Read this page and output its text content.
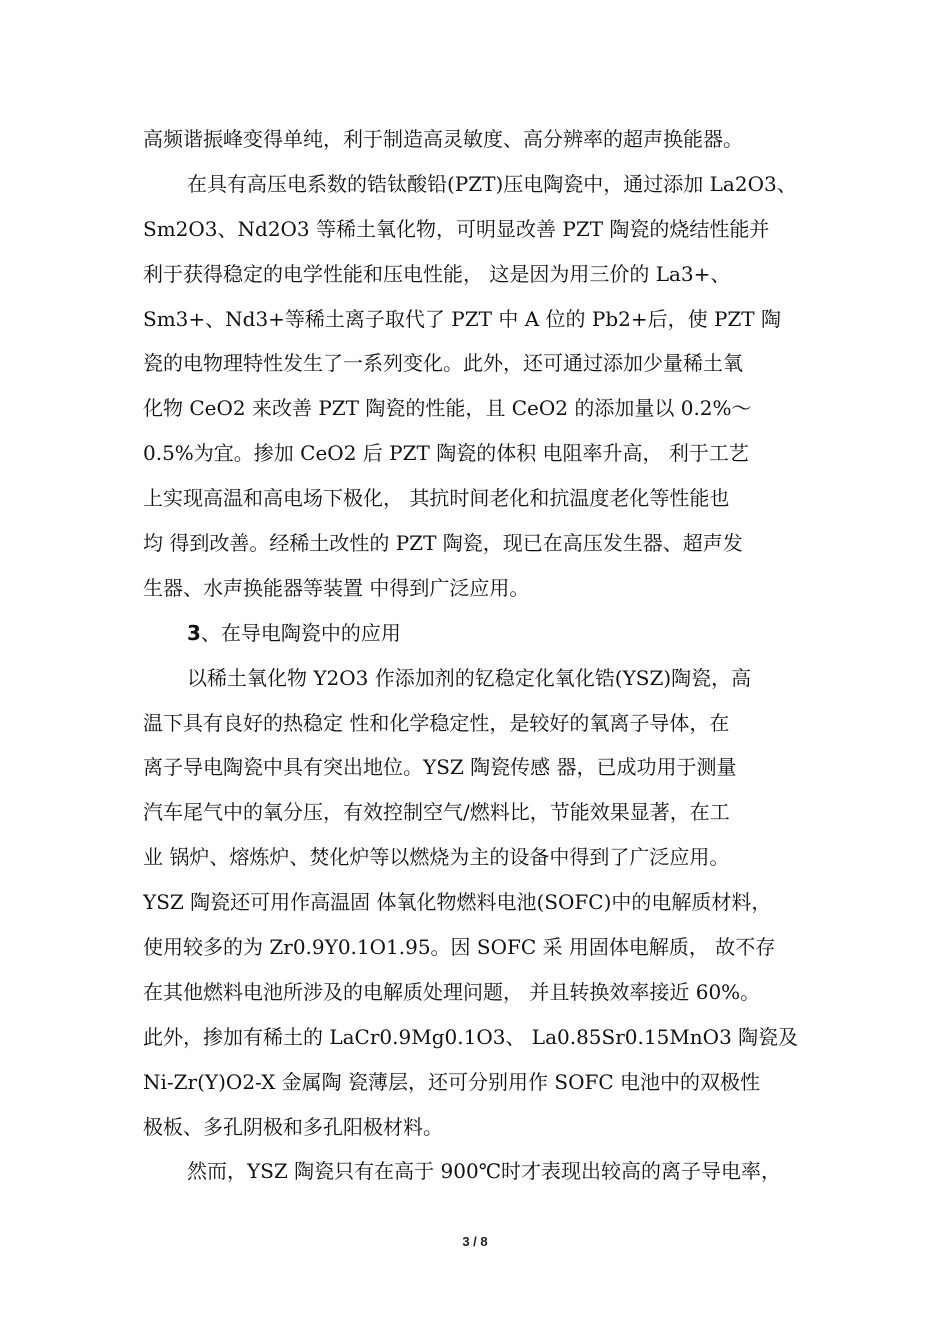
高频谐振峰变得单纯，利于制造高灵敏度、高分辨率的超声换能器。
在具有高压电系数的锆钛酸铅(PZT)压电陶瓷中，通过添加 La2O3、
Sm2O3、Nd2O3 等稀土氧化物，可明显改善 PZT 陶瓷的烧结性能并
利于获得稳定的电学性能和压电性能， 这是因为用三价的 La3+、
Sm3+、Nd3+等稀土离子取代了 PZT 中 A 位的 Pb2+后，使 PZT 陶
瓷的电物理特性发生了一系列变化。此外，还可通过添加少量稀土氧
化物 CeO2 来改善 PZT 陶瓷的性能，且 CeO2 的添加量以 0.2%～
0.5%为宜。掺加 CeO2 后 PZT 陶瓷的体积 电阻率升高， 利于工艺
上实现高温和高电场下极化， 其抗时间老化和抗温度老化等性能也
均 得到改善。经稀土改性的 PZT 陶瓷，现已在高压发生器、超声发
生器、水声换能器等装置 中得到广泛应用。
3、在导电陶瓷中的应用
以稀土氧化物 Y2O3 作添加剂的钇稳定化氧化锆(YSZ)陶瓷，高
温下具有良好的热稳定 性和化学稳定性，是较好的氧离子导体，在
离子导电陶瓷中具有突出地位。YSZ 陶瓷传感 器，已成功用于测量
汽车尾气中的氧分压，有效控制空气/燃料比，节能效果显著，在工
业 锅炉、熔炼炉、焚化炉等以燃烧为主的设备中得到了广泛应用。
YSZ 陶瓷还可用作高温固 体氧化物燃料电池(SOFC)中的电解质材料，
使用较多的为 Zr0.9Y0.1O1.95。因 SOFC 采 用固体电解质， 故不存
在其他燃料电池所涉及的电解质处理问题， 并且转换效率接近 60%。
此外，掺加有稀土的 LaCr0.9Mg0.1O3、 La0.85Sr0.15MnO3 陶瓷及
Ni-Zr(Y)O2-X 金属陶 瓷薄层，还可分别用作 SOFC 电池中的双极性
极板、多孔阴极和多孔阳极材料。
然而，YSZ 陶瓷只有在高于 900℃时才表现出较高的离子导电率，
3 / 8
